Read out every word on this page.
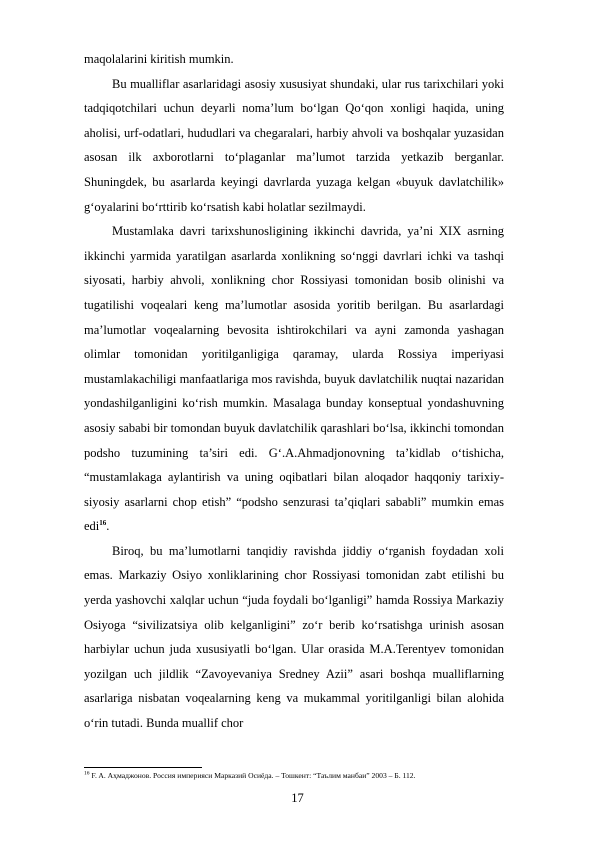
maqolalarini kiritish mumkin.

Bu mualliflar asarlaridagi asosiy xususiyat shundaki, ular rus tarixchilari yoki tadqiqotchilari uchun deyarli noma’lum bo‘lgan Qo‘qon xonligi haqida, uning aholisi, urf-odatlari, hududlari va chegaralari, harbiy ahvoli va boshqalar yuzasidan asosan ilk axborotlarni to‘plaganlar ma’lumot tarzida yetkazib berganlar. Shuningdek, bu asarlarda keyingi davrlarda yuzaga kelgan «buyuk davlatchilik» g‘oyalarini bo‘rttirib ko‘rsatish kabi holatlar sezilmaydi.

Mustamlaka davri tarixshunosligining ikkinchi davrida, ya’ni XIX asrning ikkinchi yarmida yaratilgan asarlarda xonlikning so‘nggi davrlari ichki va tashqi siyosati, harbiy ahvoli, xonlikning chor Rossiyasi tomonidan bosib olinishi va tugatilishi voqealari keng ma’lumotlar asosida yoritib berilgan. Bu asarlardagi ma’lumotlar voqealarning bevosita ishtirokchilari va ayni zamonda yashagan olimlar tomonidan yoritilganligiga qaramay, ularda Rossiya imperiyasi mustamlakachiligi manfaatlariga mos ravishda, buyuk davlatchilik nuqtai nazaridan yondashilganligini ko‘rish mumkin. Masalaga bunday konseptual yondashuvning asosiy sababi bir tomondan buyuk davlatchilik qarashlari bo‘lsa, ikkinchi tomondan podsho tuzumining ta’siri edi. G‘.A.Ahmadjonovning ta’kidlab o‘tishicha, “mustamlakaga aylantirish va uning oqibatlari bilan aloqador haqqoniy tarixiy-siyosiy asarlarni chop etish” “podsho senzurasi ta’qiqlari sababli” mumkin emas edi$^{16}$.

Biroq, bu ma’lumotlarni tanqidiy ravishda jiddiy o‘rganish foydadan xoli emas. Markaziy Osiyo xonliklarining chor Rossiyasi tomonidan zabt etilishi bu yerda yashovchi xalqlar uchun “juda foydali bo‘lganligi” hamda Rossiya Markaziy Osiyoga “sivilizatsiya olib kelganligini” zo‘r berib ko‘rsatishga urinish asosan harbiylar uchun juda xususiyatli bo‘lgan. Ular orasida M.A.Terentyev tomonidan yozilgan uch jildlik “Zavoyevaniya Sredney Azii” asari boshqa mualliflarning asarlariga nisbatan voqealarning keng va mukammal yoritilganligi bilan alohida o‘rin tutadi. Bunda muallif chor

$^{16}$ F. A. Аҳмаджонов. Россия империяси Марказий Осиёда. – Тошкент: “Таълим манбаи” 2003 – Б. 112.
17
